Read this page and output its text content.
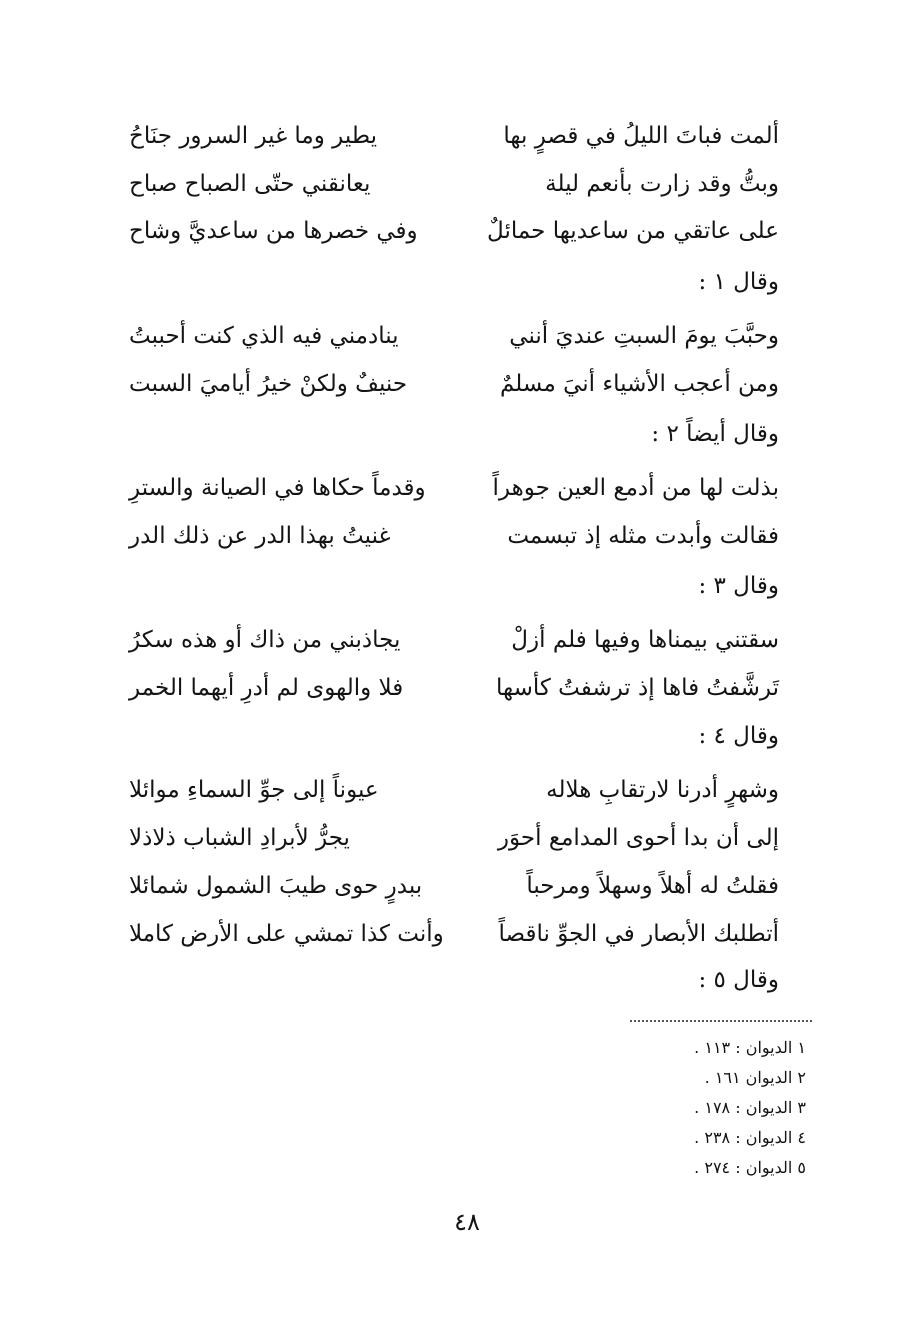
ألمت فباتَ الليلُ في قصرٍ بها
يطير وما غير السرور جنَاحُ
وبتُّ وقد زارت بأنعم ليلة
يعانقني حتّى الصباح صباح
على عاتقي من ساعديها حمائلٌ
وفي خصرها من ساعديَّ وشاح
وقال ١ :
وحبَّبَ يومَ السبتِ عنديَ أنني
ينادمني فيه الذي كنت أحببتُ
ومن أعجب الأشياء أنيَ مسلمٌ
حنيفٌ ولكنْ خيرُ أياميَ السبت
وقال أيضاً ٢ :
بذلت لها من أدمع العين جوهراً
وقدماً حكاها في الصيانة والسترِ
فقالت وأبدت مثله إذ تبسمت
غنيتُ بهذا الدر عن ذلك الدر
وقال ٣ :
سقتني بيمناها وفيها فلم أزلْ
يجاذبني من ذاك أو هذه سكرُ
تَرشَّفتُ فاها إذ ترشفتُ كأسها
فلا والهوى لم أدرِ أيهما الخمر
وقال ٤ :
وشهرٍ أدرنا لارتقابِ هلاله
عيوناً إلى جوِّ السماءِ موائلا
إلى أن بدا أحوى المدامع أحوَر
يجرُّ لأبرادِ الشباب ذلاذلا
فقلتُ له أهلاً وسهلاً ومرحباً
ببدرٍ حوى طيبَ الشمول شمائلا
أتطلبك الأبصار في الجوِّ ناقصاً
وأنت كذا تمشي على الأرض كاملا
وقال ٥ :
١ الديوان : ١١٣ .
٢ الديوان ١٦١ .
٣ الديوان : ١٧٨ .
٤ الديوان : ٢٣٨ .
٥ الديوان : ٢٧٤ .
٤٨
